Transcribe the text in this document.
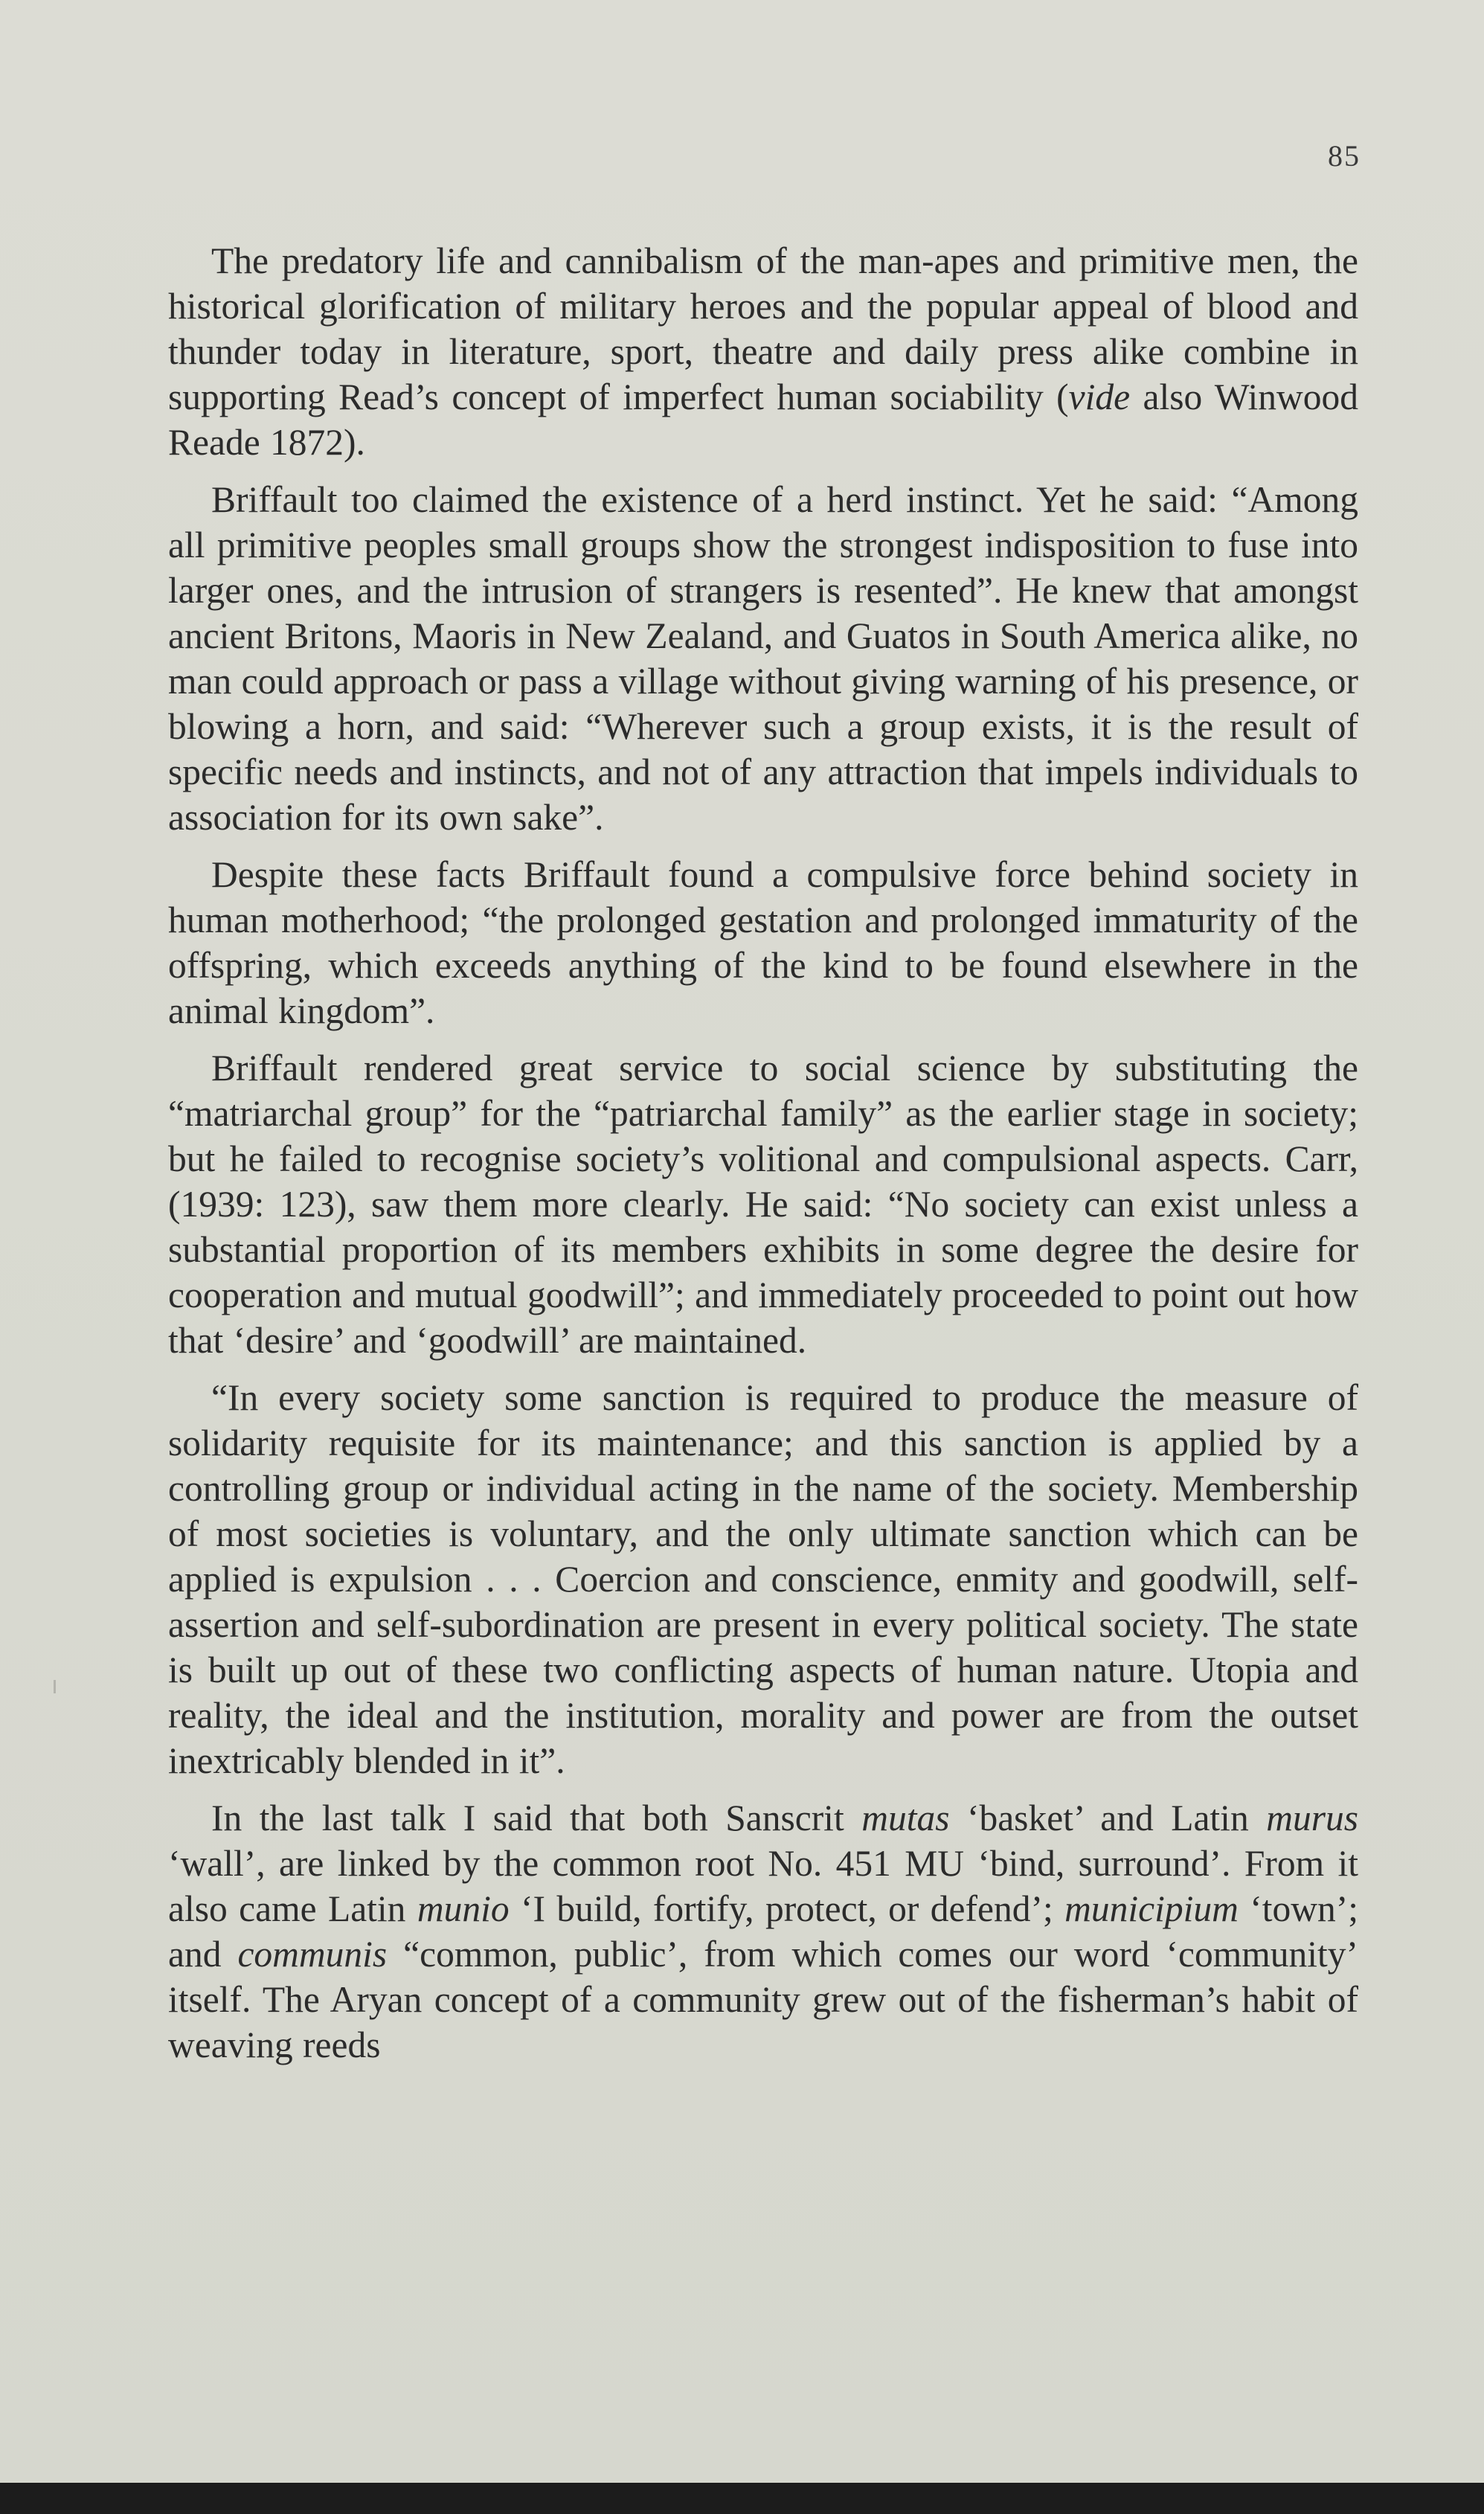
85

The predatory life and cannibalism of the man-apes and primitive men, the historical glorification of military heroes and the popular appeal of blood and thunder today in literature, sport, theatre and daily press alike combine in supporting Read’s concept of imperfect human sociability (vide also Winwood Reade 1872).

Briffault too claimed the existence of a herd instinct. Yet he said: “Among all primitive peoples small groups show the strongest indisposition to fuse into larger ones, and the intrusion of strangers is resented”. He knew that amongst ancient Britons, Maoris in New Zealand, and Guatos in South America alike, no man could approach or pass a village without giving warning of his presence, or blowing a horn, and said: “Wherever such a group exists, it is the result of specific needs and instincts, and not of any attraction that impels individuals to association for its own sake”.

Despite these facts Briffault found a compulsive force behind society in human motherhood; “the prolonged gestation and prolonged immaturity of the offspring, which exceeds anything of the kind to be found elsewhere in the animal kingdom”.

Briffault rendered great service to social science by substituting the “matriarchal group” for the “patriarchal family” as the earlier stage in society; but he failed to recognise society’s volitional and compulsional aspects. Carr, (1939: 123), saw them more clearly. He said: “No society can exist unless a substantial proportion of its members exhibits in some degree the desire for cooperation and mutual goodwill”; and immediately proceeded to point out how that ‘desire’ and ‘goodwill’ are maintained.

“In every society some sanction is required to produce the measure of solidarity requisite for its maintenance; and this sanction is applied by a controlling group or individual acting in the name of the society. Membership of most societies is voluntary, and the only ultimate sanction which can be applied is expulsion . . . Coercion and conscience, enmity and goodwill, self-assertion and self-subordination are present in every political society. The state is built up out of these two conflicting aspects of human nature. Utopia and reality, the ideal and the institution, morality and power are from the outset inextricably blended in it”.

In the last talk I said that both Sanscrit mutas ‘basket’ and Latin murus ‘wall’, are linked by the common root No. 451 MU ‘bind, surround’. From it also came Latin munio ‘I build, fortify, protect, or defend’; municipium ‘town’; and communis “common, public’, from which comes our word ‘community’ itself. The Aryan concept of a community grew out of the fisherman’s habit of weaving reeds
